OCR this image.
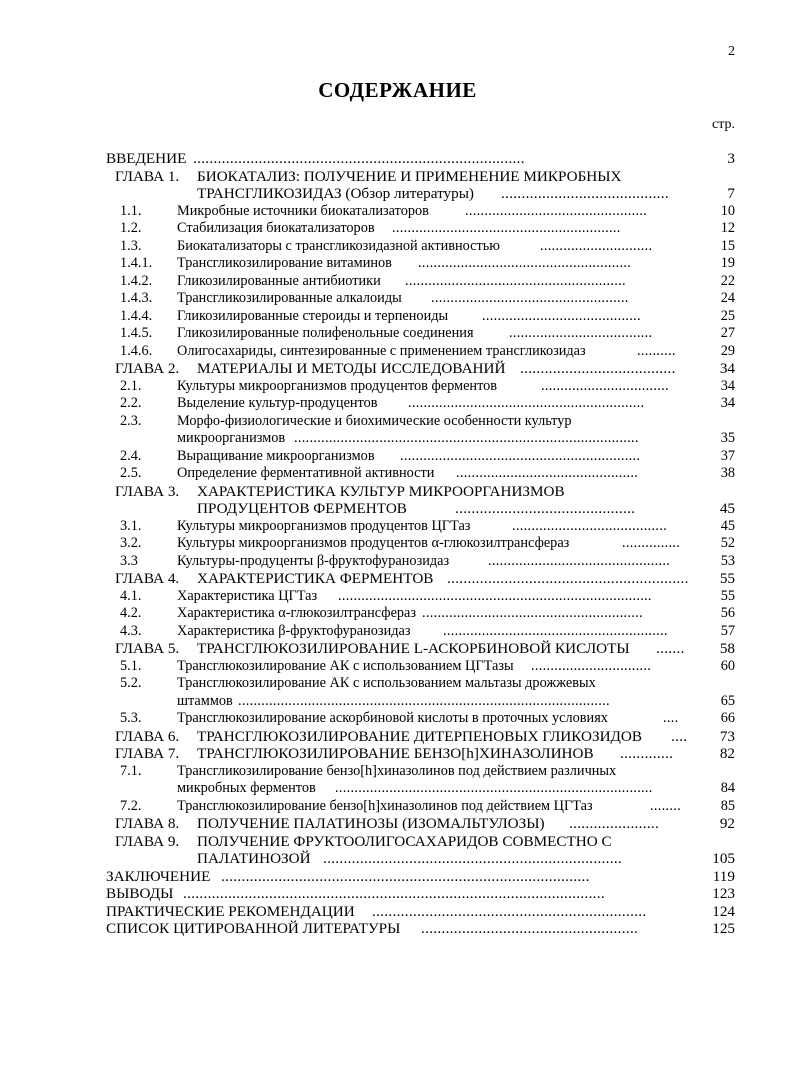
2
СОДЕРЖАНИЕ
стр.
ВВЕДЕНИЕ .................................................................................	3
ГЛАВА 1. БИОКАТАЛИЗ: ПОЛУЧЕНИЕ И ПРИМЕНЕНИЕ МИКРОБНЫХ
ТРАНСГЛИКОЗИДАЗ (Обзор литературы) .........................................	7
1.1. Микробные источники биокатализаторов	...............................................	10
1.2. Стабилизация биокатализаторов ...........................................................	12
1.3. Биокатализаторы с трансгликозидазной активностью	.............................	15
1.4.1. Трансгликозилирование витаминов .......................................................	19
1.4.2. Гликозилированные антибиотики .........................................................	22
1.4.3. Трансгликозилированные алкалоиды ...................................................	24
1.4.4. Гликозилированные стероиды и терпеноиды .........................................	25
1.4.5. Гликозилированные полифенольные соединения .....................................	27
1.4.6. Олигосахариды, синтезированные с применением трансгликозидаз	..........	29
ГЛАВА 2. МАТЕРИАЛЫ И МЕТОДЫ ИССЛЕДОВАНИЙ ......................................	34
2.1. Культуры микроорганизмов продуцентов ферментов	.................................	34
2.2. Выделение культур-продуцентов .............................................................	34
2.3. Морфо-физиологические и биохимические особенности культур
микроорганизмов .........................................................................................	35
2.4. Выращивание микроорганизмов ..............................................................	37
2.5. Определение ферментативной активности ...............................................	38
ГЛАВА 3. ХАРАКТЕРИСТИКА КУЛЬТУР МИКРООРГАНИЗМОВ
ПРОДУЦЕНТОВ ФЕРМЕНТОВ	............................................	45
3.1. Культуры микроорганизмов продуцентов ЦГТаз	........................................	45
3.2. Культуры микроорганизмов продуцентов α-глюкозилтрансфераз	...............	52
3.3	Культуры-продуценты β-фруктофуранозидаз	...............................................	53
ГЛАВА 4. ХАРАКТЕРИСТИКА ФЕРМЕНТОВ ........................................................... 55
4.1. Характеристика ЦГТаз .................................................................................	55
4.2. Характеристика α-глюкозилтрансфераз .........................................................	56
4.3. Характеристика β-фруктофуранозидаз ..........................................................	57
ГЛАВА 5. ТРАНСГЛЮКОЗИЛИРОВАНИЕ L-АСКОРБИНОВОЙ КИСЛОТЫ ....... 58
5.1. Трансглюкозилирование АК с использованием ЦГТазы ...............................	60
5.2. Трансглюкозилирование АК с использованием мальтазы дрожжевых
штаммов ................................................................................................	65
5.3. Трансглюкозилирование аскорбиновой кислоты в проточных условиях	....	66
ГЛАВА 6. ТРАНСГЛЮКОЗИЛИРОВАНИЕ ДИТЕРПЕНОВЫХ ГЛИКОЗИДОВ .... 73
ГЛАВА 7. ТРАНСГЛЮКОЗИЛИРОВАНИЕ БЕНЗО[h]ХИНАЗОЛИНОВ .............	82
7.1. Трансгликозилирование бензо[h]хиназолинов под действием различных
микробных ферментов ..................................................................................	84
7.2. Трансглюкозилирование бензо[h]хиназолинов под действием ЦГТаз	........	85
ГЛАВА 8. ПОЛУЧЕНИЕ ПАЛАТИНОЗЫ (ИЗОМАЛЬТУЛОЗЫ) ......................	92
ГЛАВА 9. ПОЛУЧЕНИЕ ФРУКТООЛИГОСАХАРИДОВ СОВМЕСТНО С
ПАЛАТИНОЗОЙ .........................................................................	105
ЗАКЛЮЧЕНИЕ ..........................................................................................	119
ВЫВОДЫ .......................................................................................................	123
ПРАКТИЧЕСКИЕ РЕКОМЕНДАЦИИ ...................................................................	124
СПИСОК ЦИТИРОВАННОЙ ЛИТЕРАТУРЫ .....................................................	125
